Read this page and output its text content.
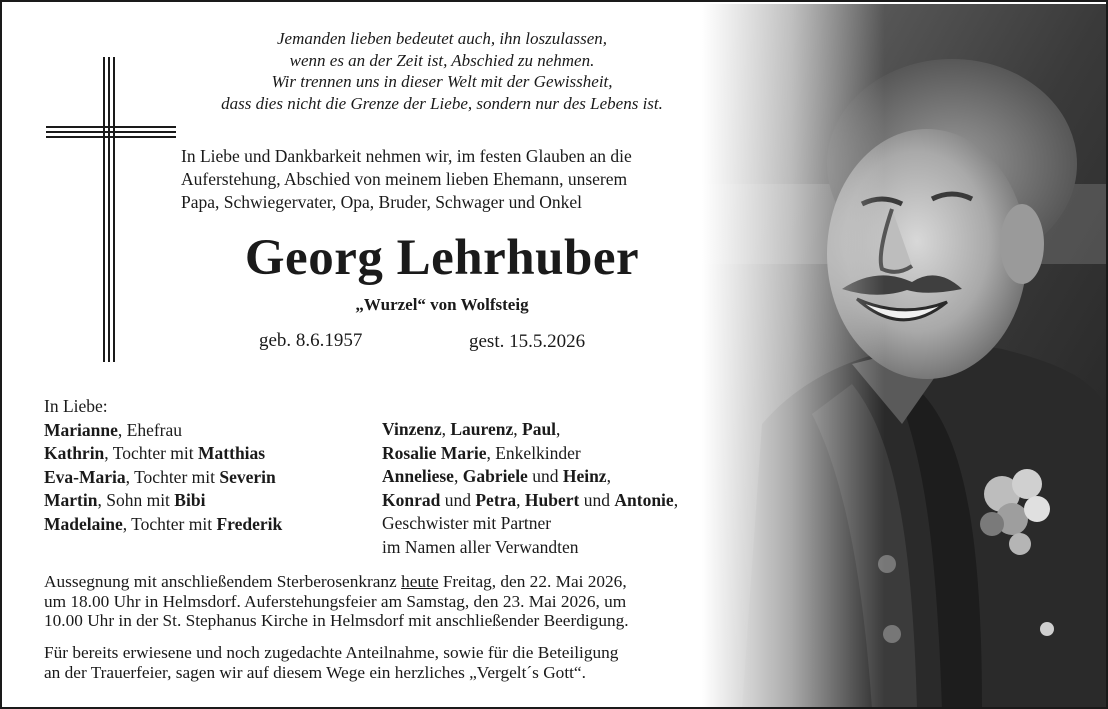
Jemanden lieben bedeutet auch, ihn loszulassen,
wenn es an der Zeit ist, Abschied zu nehmen.
Wir trennen uns in dieser Welt mit der Gewissheit,
dass dies nicht die Grenze der Liebe, sondern nur des Lebens ist.
In Liebe und Dankbarkeit nehmen wir, im festen Glauben an die
Auferstehung, Abschied von meinem lieben Ehemann, unserem
Papa, Schwiegervater, Opa, Bruder, Schwager und Onkel
Georg Lehrhuber
„Wurzel“ von Wolfsteig
geb. 8.6.1957	gest. 15.5.2026
In Liebe:
Marianne, Ehefrau
Kathrin, Tochter mit Matthias
Eva-Maria, Tochter mit Severin
Martin, Sohn mit Bibi
Madelaine, Tochter mit Frederik
Vinzenz, Laurenz, Paul,
Rosalie Marie, Enkelkinder
Anneliese, Gabriele und Heinz,
Konrad und Petra, Hubert und Antonie,
Geschwister mit Partner
im Namen aller Verwandten
Aussegnung mit anschließendem Sterberosenkranz heute Freitag, den 22. Mai 2026,
um 18.00 Uhr in Helmsdorf. Auferstehungsfeier am Samstag, den 23. Mai 2026, um
10.00 Uhr in der St. Stephanus Kirche in Helmsdorf mit anschließender Beerdigung.
Für bereits erwiesene und noch zugedachte Anteilnahme, sowie für die Beteiligung
an der Trauerfeier, sagen wir auf diesem Wege ein herzliches „Vergelt´s Gott“.
